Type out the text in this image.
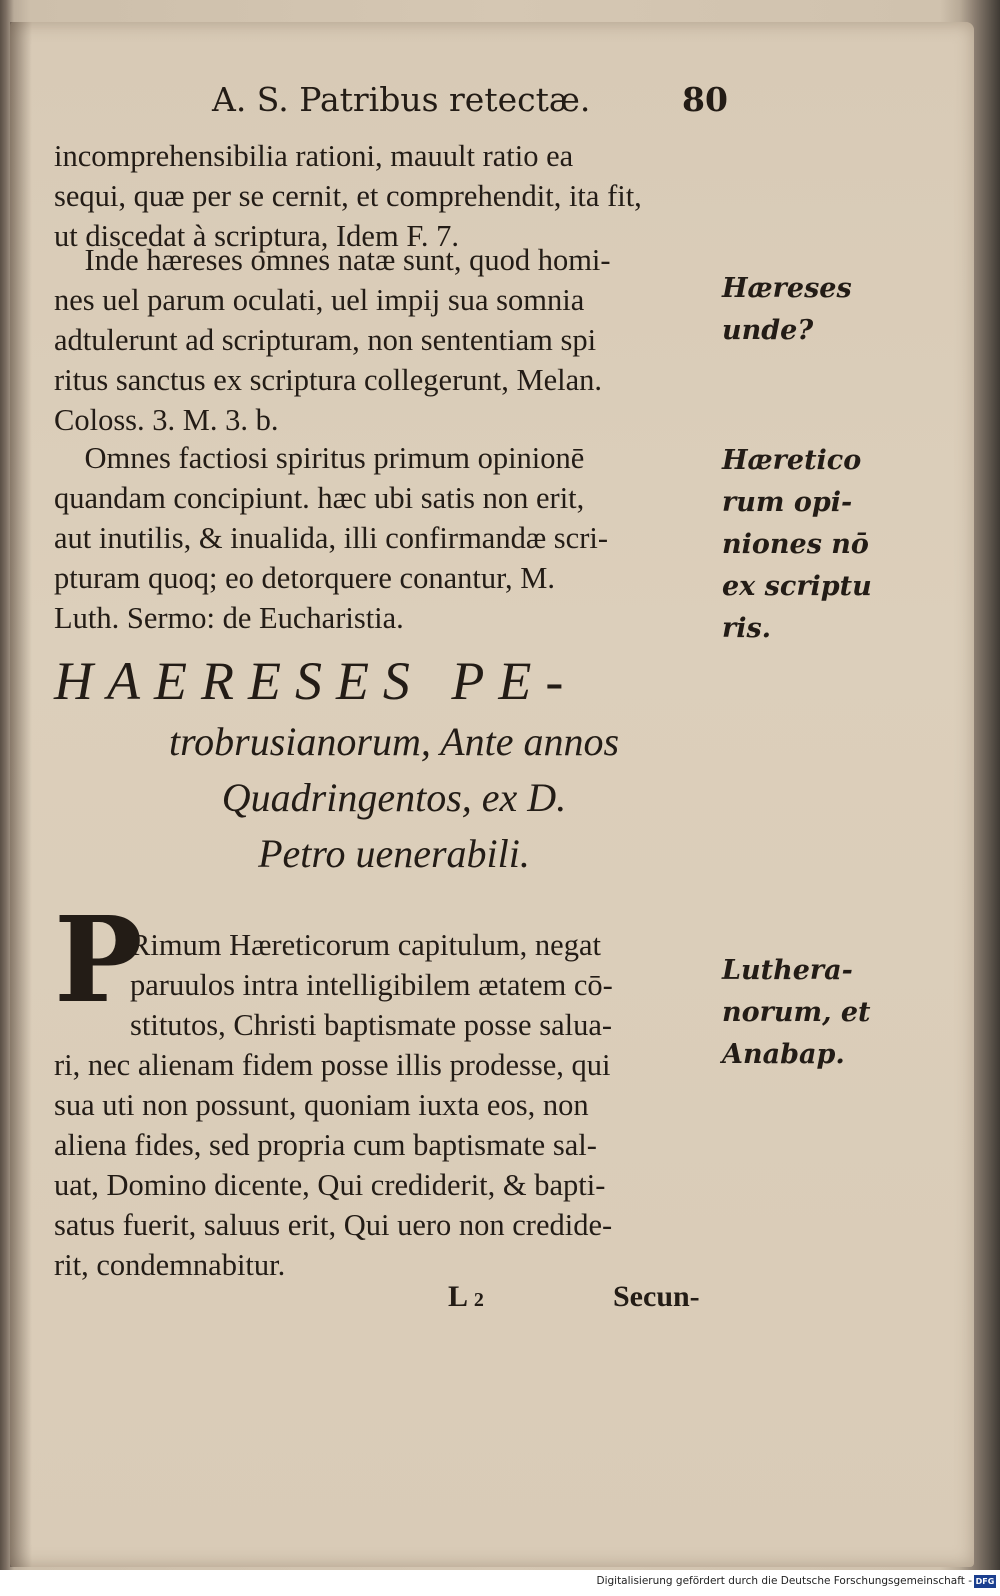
A. S. Patribus retectæ.	80
incomprehensibilia rationi, mauult ratio ea
sequi, quæ per se cernit, et comprehendit, ita fit,
ut discedat à scriptura, Idem F. 7.
Inde hæreses omnes natæ sunt, quod homi-
nes uel parum oculati, uel impij sua somnia
adtulerunt ad scripturam, non sententiam spi
ritus sanctus ex scriptura collegerunt, Melan.
Coloss. 3. M. 3. b.
Omnes factiosi spiritus primum opinionē
quandam concipiunt. hæc ubi satis non erit,
aut inutilis, & inualida, illi confirmandæ scri-
pturam quoq; eo detorquere conantur, M.
Luth. Sermo: de Eucharistia.
Hæreses
unde?
Hæretico
rum opi-
niones nō
ex scriptu
ris.
HAERESES PE-
trobrusianorum, Ante annos
Quadringentos, ex D.
Petro uenerabili.
P
Rimum Hæreticorum capitulum, negat
paruulos intra intelligibilem ætatem cō-
stitutos, Christi baptismate posse salua-
ri, nec alienam fidem posse illis prodesse, qui
sua uti non possunt, quoniam iuxta eos, non
aliena fides, sed propria cum baptismate sal-
uat, Domino dicente, Qui crediderit, & bapti-
satus fuerit, saluus erit, Qui uero non credide-
rit, condemnabitur.
Luthera-
norum, et
Anabap.
L 2	Secun-
Digitalisierung gefördert durch die Deutsche Forschungsgemeinschaft - DFG
